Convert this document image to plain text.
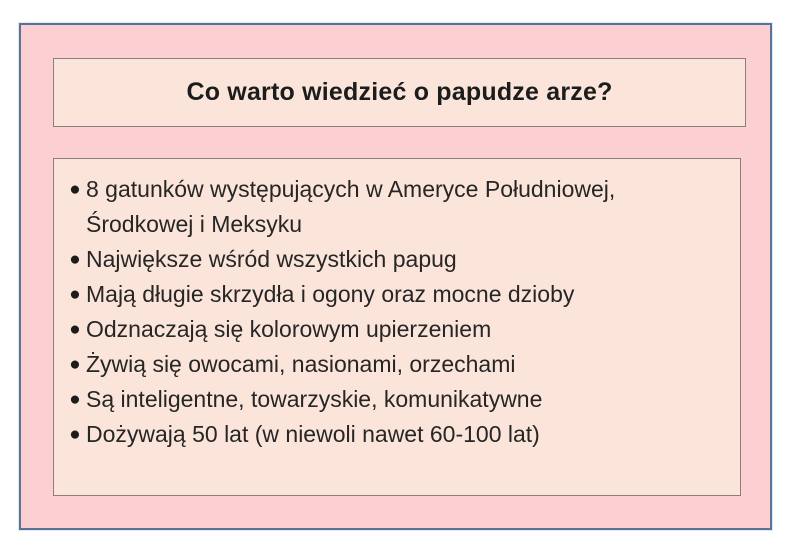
Co warto wiedzieć o papudze arze?
● 8 gatunków występujących w Ameryce Południowej, Środkowej i Meksyku
● Największe wśród wszystkich papug
● Mają długie skrzydła i ogony oraz mocne dzioby
● Odznaczają się kolorowym upierzeniem
● Żywią się owocami, nasionami, orzechami
● Są inteligentne, towarzyskie, komunikatywne
● Dożywają 50 lat (w niewoli nawet 60-100 lat)
